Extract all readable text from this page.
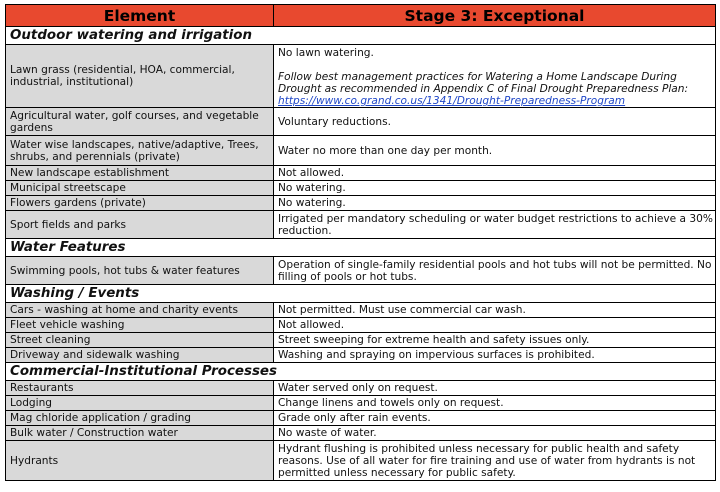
Element	Stage 3: Exceptional
Outdoor watering and irrigation	
Lawn grass (residential, HOA, commercial, industrial, institutional)	No lawn watering.
Follow best management practices for Watering a Home Landscape During Drought as recommended in Appendix C of Final Drought Preparedness Plan:
https://www.co.grand.co.us/1341/Drought-Preparedness-Program

Agricultural water, golf courses, and vegetable gardens	Voluntary reductions.
Water wise landscapes, native/adaptive, Trees, shrubs, and perennials (private)	Water no more than one day per month.
New landscape establishment	Not allowed.
Municipal streetscape	No watering.
Flowers gardens (private)	No watering.
Sport fields and parks	Irrigated per mandatory scheduling or water budget restrictions to achieve a 30% reduction.
Water Features	
Swimming pools, hot tubs & water features	Operation of single-family residential pools and hot tubs will not be permitted. No filling of pools or hot tubs.
Washing / Events	
Cars - washing at home and charity events	Not permitted. Must use commercial car wash.
Fleet vehicle washing	Not allowed.
Street cleaning	Street sweeping for extreme health and safety issues only.
Driveway and sidewalk washing	Washing and spraying on impervious surfaces is prohibited.
Commercial-Institutional Processes	
Restaurants	Water served only on request.
Lodging	Change linens and towels only on request.
Mag chloride application / grading	Grade only after rain events.
Bulk water / Construction water	No waste of water.
Hydrants	Hydrant flushing is prohibited unless necessary for public health and safety reasons. Use of all water for fire training and use of water from hydrants is not permitted unless necessary for public safety.
